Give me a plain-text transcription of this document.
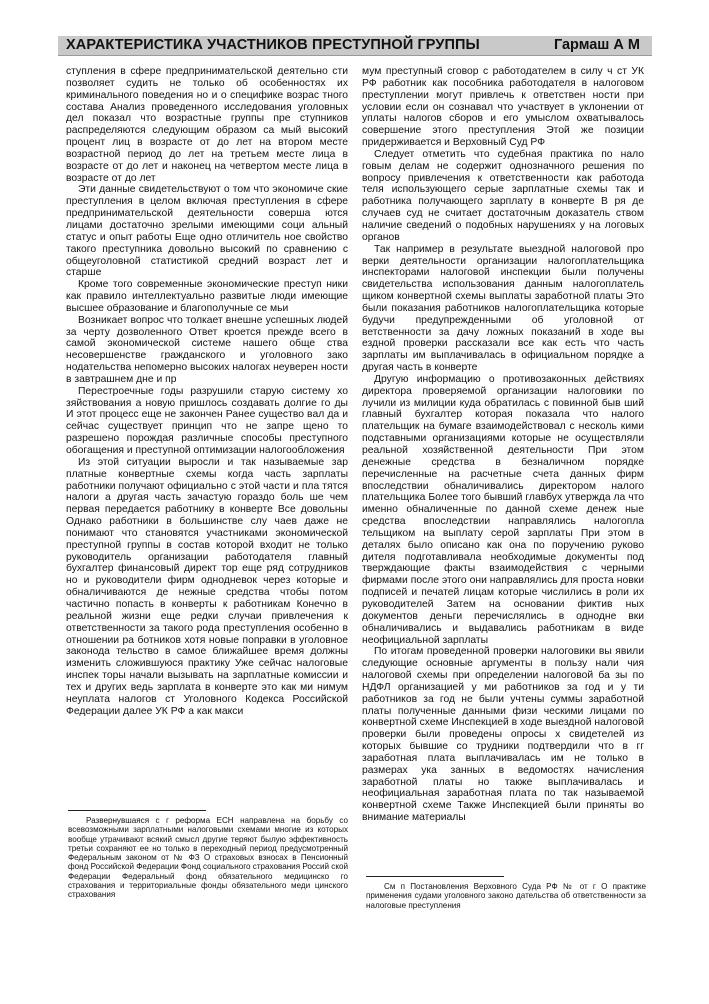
ХАРАКТЕРИСТИКА УЧАСТНИКОВ ПРЕСТУПНОЙ ГРУППЫ	Гармаш А М

ступления в сфере предпринимательской деятельно сти позволяет судить не только об особенностях их криминального поведения но и о специфике возрас тного состава Анализ проведенного исследования уголовных дел показал что возрастные группы пре ступников распределяются следующим образом са мый высокий процент лиц в возрасте от до лет на втором месте возрастной период до лет на третьем месте лица в возрасте от до лет и наконец на четвертом месте лица в возрасте от до лет

Эти данные свидетельствуют о том что экономиче ские преступления в целом включая преступления в сфере предпринимательской деятельности соверша ются лицами достаточно зрелыми имеющими соци альный статус и опыт работы Еще одно отличитель ное свойство такого преступника довольно высокий по сравнению с общеуголовной статистикой средний возраст лет и старше

Кроме того современные экономические преступ ники как правило интеллектуально развитые люди имеющие высшее образование и благополучные се мьи

Возникает вопрос что толкает внешне успешных людей за черту дозволенного Ответ кроется прежде всего в самой экономической системе нашего обще ства несовершенстве гражданского и уголовного зако нодательства непомерно высоких налогах неуверен ности в завтрашнем дне и пр

Перестроечные годы разрушили старую систему хо зяйствования а новую пришлось создавать долгие го ды И этот процесс еще не закончен Ранее существо вал да и сейчас существует принцип что не запре щено то разрешено порождая различные способы преступного обогащения и преступной оптимизации налогообложения

Из этой ситуации выросли и так называемые зар платные конвертные схемы когда часть зарплаты работники получают официально с этой части и пла тятся налоги а другая часть зачастую гораздо боль ше чем первая передается работнику в конверте Все довольны Однако работники в большинстве слу чаев даже не понимают что становятся участниками экономической преступной группы в состав которой входит не только руководитель организации работодателя главный бухгалтер финансовый директ тор еще ряд сотрудников но и руководители фирм однодневок через которые и обналичиваются де нежные средства чтобы потом частично попасть в конверты к работникам Конечно в реальной жизни еще редки случаи привлечения к ответственности за такого рода преступления особенно в отношении ра ботников хотя новые поправки в уголовное законода тельство в самое ближайшее время должны изменить сложившуюся практику Уже сейчас налоговые инспек торы начали вызывать на зарплатные комиссии и тех и других ведь зарплата в конверте это как ми нимум неуплата налогов ст Уголовного Кодекса Российской Федерации далее УК РФ а как макси

мум преступный сговор с работодателем в силу ч ст УК РФ работник как пособника работодателя в налоговом преступлении могут привлечь к ответствен ности при условии если он сознавал что участвует в уклонении от уплаты налогов сборов и его умыслом охватывалось совершение этого преступления Этой же позиции придерживается и Верховный Суд РФ

Следует отметить что судебная практика по нало говым делам не содержит однозначного решения по вопросу привлечения к ответственности как работода теля использующего серые зарплатные схемы так и работника получающего зарплату в конверте В ря де случаев суд не считает достаточным доказатель ством наличие сведений о подобных нарушениях у на логовых органов

Так например в результате выездной налоговой про верки деятельности организации налогоплательщика инспекторами налоговой инспекции были получены свидетельства использования данным налогоплатель щиком конвертной схемы выплаты заработной платы Это были показания работников налогоплательщика которые будучи предупрежденными об уголовной от ветственности за дачу ложных показаний в ходе вы ездной проверки рассказали все как есть что часть зарплаты им выплачивалась в официальном порядке а другая часть в конверте

Другую информацию о противозаконных действиях директора проверяемой организации налоговики по лучили из милиции куда обратилась с повинной быв ший главный бухгалтер которая показала что налого плательщик на бумаге взаимодействовал с несколь кими подставными организациями которые не осуществляли реальной хозяйственной деятельности При этом денежные средства в безналичном порядке перечисленные на расчетные счета данных фирм впоследствии обналичивались директором налого плательщика Более того бывший главбух утвержда ла что именно обналиченные по данной схеме денеж ные средства впоследствии направлялись налогопла тельщиком на выплату серой зарплаты При этом в деталях было описано как она по поручению руково дителя подготавливала необходимые документы под тверждающие факты взаимодействия с черными фирмами после этого они направлялись для проста новки подписей и печатей лицам которые числились в роли их руководителей Затем на основании фиктив ных документов деньги перечислялись в однодне вки обналичивались и выдавались работникам в виде неофициальной зарплаты

По итогам проведенной проверки налоговики вы явили следующие основные аргументы в пользу нали чия налоговой схемы при определении налоговой ба зы по НДФЛ организацией у ми работников за год и у ти работников за год не были учтены суммы заработной платы полученные данными физи ческими лицами по конвертной схеме Инспекцией в ходе выездной налоговой проверки были проведены опросы х свидетелей из которых бывшие со трудники подтвердили что в гг заработная плата выплачивалась им не только в размерах ука занных в ведомостях начисления заработной платы но также выплачивалась и неофициальная заработная плата по так называемой конвертной схеме Также Инспекцией были приняты во внимание материалы

Развернувшаяся с г реформа ЕСН направлена на борьбу со всевозможными зарплатными налоговыми схемами многие из которых вообще утрачивают всякий смысл другие теряют былую эффективность третьи сохраняют ее но только в переходный период предусмотренный Федеральным законом от № ФЗ О страховых взносах в Пенсионный фонд Российской Федерации Фонд социального страхования Россий ской Федерации Федеральный фонд обязательного медицинско го страхования и территориальные фонды обязательного меди цинского страхования

См п Постановления Верховного Суда РФ № от г О практике применения судами уголовного законо дательства об ответственности за налоговые преступления
